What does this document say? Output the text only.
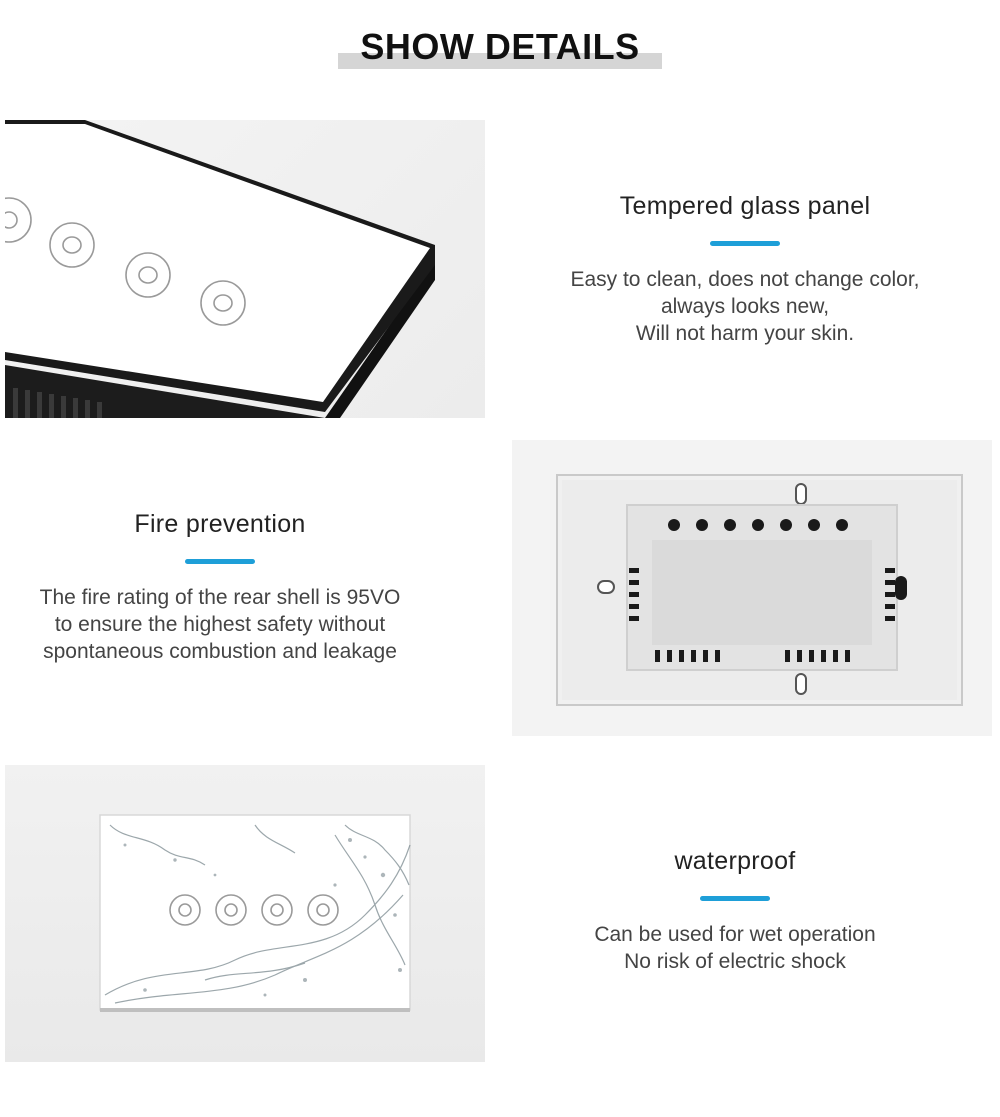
SHOW DETAILS
Tempered glass panel

Easy to clean, does not change color,
always looks new,
Will not harm your skin.

Fire prevention

The fire rating of the rear shell is 95VO
to ensure the highest safety without
spontaneous combustion and leakage

waterproof

Can be used for wet operation
No risk of electric shock
